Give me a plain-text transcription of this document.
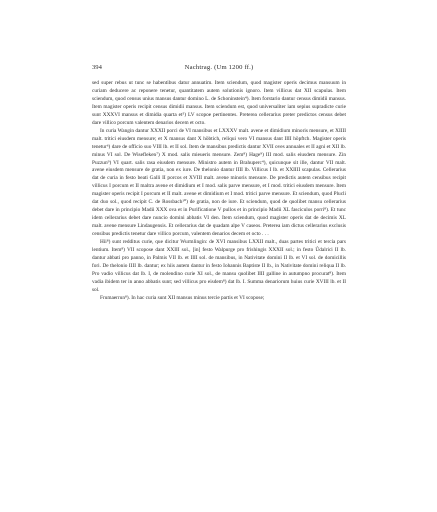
394	Nachtrag. (Um 1200 ff.)

sed super rebus ut tunc se habentibus datur annuatim. Item sciendum, quod magister operis decimus mansuum in curiam deducere ac reponere tenetur, quantitatem autem solutionis ignoro. Item villicus dat XII scapulas. Item sciendum, quod census unius mansus dantur domino L. de Schoninstein⁴). Item forstario dantur census dimidii mansus. Item magister operis recipit census dimidii mansus. Item sciendum est, quod universaliter iam sepius supradicte curie sunt XXXVI mansus et dimidia quarta et⁵) LV scopoe pertinentes. Preterea cellerarius preter predictos census debet dare villico porcum valentem denarios decem et octo.

In curia Wangin dantur XXXII porci de VI mansibus et LXXXV malt. avene et dimidium minoris mensure, et XIIII malt. tritici eiusdem mensure; et X mansus dant X höbtich, reliqui vero VI mansus dant IIII höpftch. Magister operis tenetur⁶) dare de officio suo VIII lb. et II sol. Item de mansibus predictis dantur XVII oves annuales et II agni et XII lb. minus VI sol. De Wisefleken⁷) X mod. salis mieueris mensure. Zem⁸) Hage⁹) III mod. salis eiusdem mensure. Zin Puzzun⁹) VI quart. salis rasa eiusdem mensure. Ministro autem in Brahuperc⁴), quicunque sit ille, dantur VII malt. avene eiusdem mensure de gratia, non ex iure. De thelonio dantur IIII lb. Villicus I lb. et XXIIII scapulas. Cellerarius dat de curia in festo beati Galli II porcos et XVIII malt. avene minoris mensure. De predictis autem censibus recipit villicus I porcum et II maltra avene et dimidium et I mod. salis parve mensure, et I mod. tritici eiusdem mensure. Item magister operis recipit I porcum et II malt. avene et dimidium et I mod. tritici parve mensure. Et sciendum, quod Plucli dat duo sol., quod recipit C. de Rossbach¹⁰) de gratia, non de iure. Et sciendum, quod de quolibet mansu cellerarius debet dare in principio Madii XXX ova et in Purificatione V pullos et in principio Madii XL fasciculos porri⁸). Et tunc idem cellerarius debet dare nuncio domini abbatis VI den. Item sciendum, quod magister operis dat de decimis XL malt. avene mensure Lindaugensis. Et cellerarius dat de quadam alpe V caseos. Preterea iam dictus cellerarius exclusis censibus predictis tenetur dare villico porcum, valentem denarios decem et octo . . .

Hii⁸) sunt redditus curie, que dicitur Wurmlingin: de XVI mansibus LXXII malt., duas partes tritici et tercia pars lentium. Item⁸) VII scopose dant XXIII sol., [in] festo Walpurge pro frishingis XXXII sol.; in festo Ůdalrici II lb. dantur abbati pro panno, in Palmis VII lb. et IIII sol. de mansibus, in Nativitate domini II lb. et VI sol. de domicillis fori. De thelonio IIII lb. dantur; ex hiis autem dantur in festo Iohannis Baptiste II lb., in Nativitate domini reliqua II lb. Pro vadio villicus dat lb. I, de molendino curie XI sol., de mansu quolibet IIII galline in autumpno procurat⁸). Item vadia ibidem ter in anno abbatis sunt; sed villicus pro eisdem⁸) dat lb. I. Summa denariorum huius curie XVIII lb. et II sol.

Frumaerrun⁸). In hac curia sunt XII mansus minus tercie partis et VI scopose;
